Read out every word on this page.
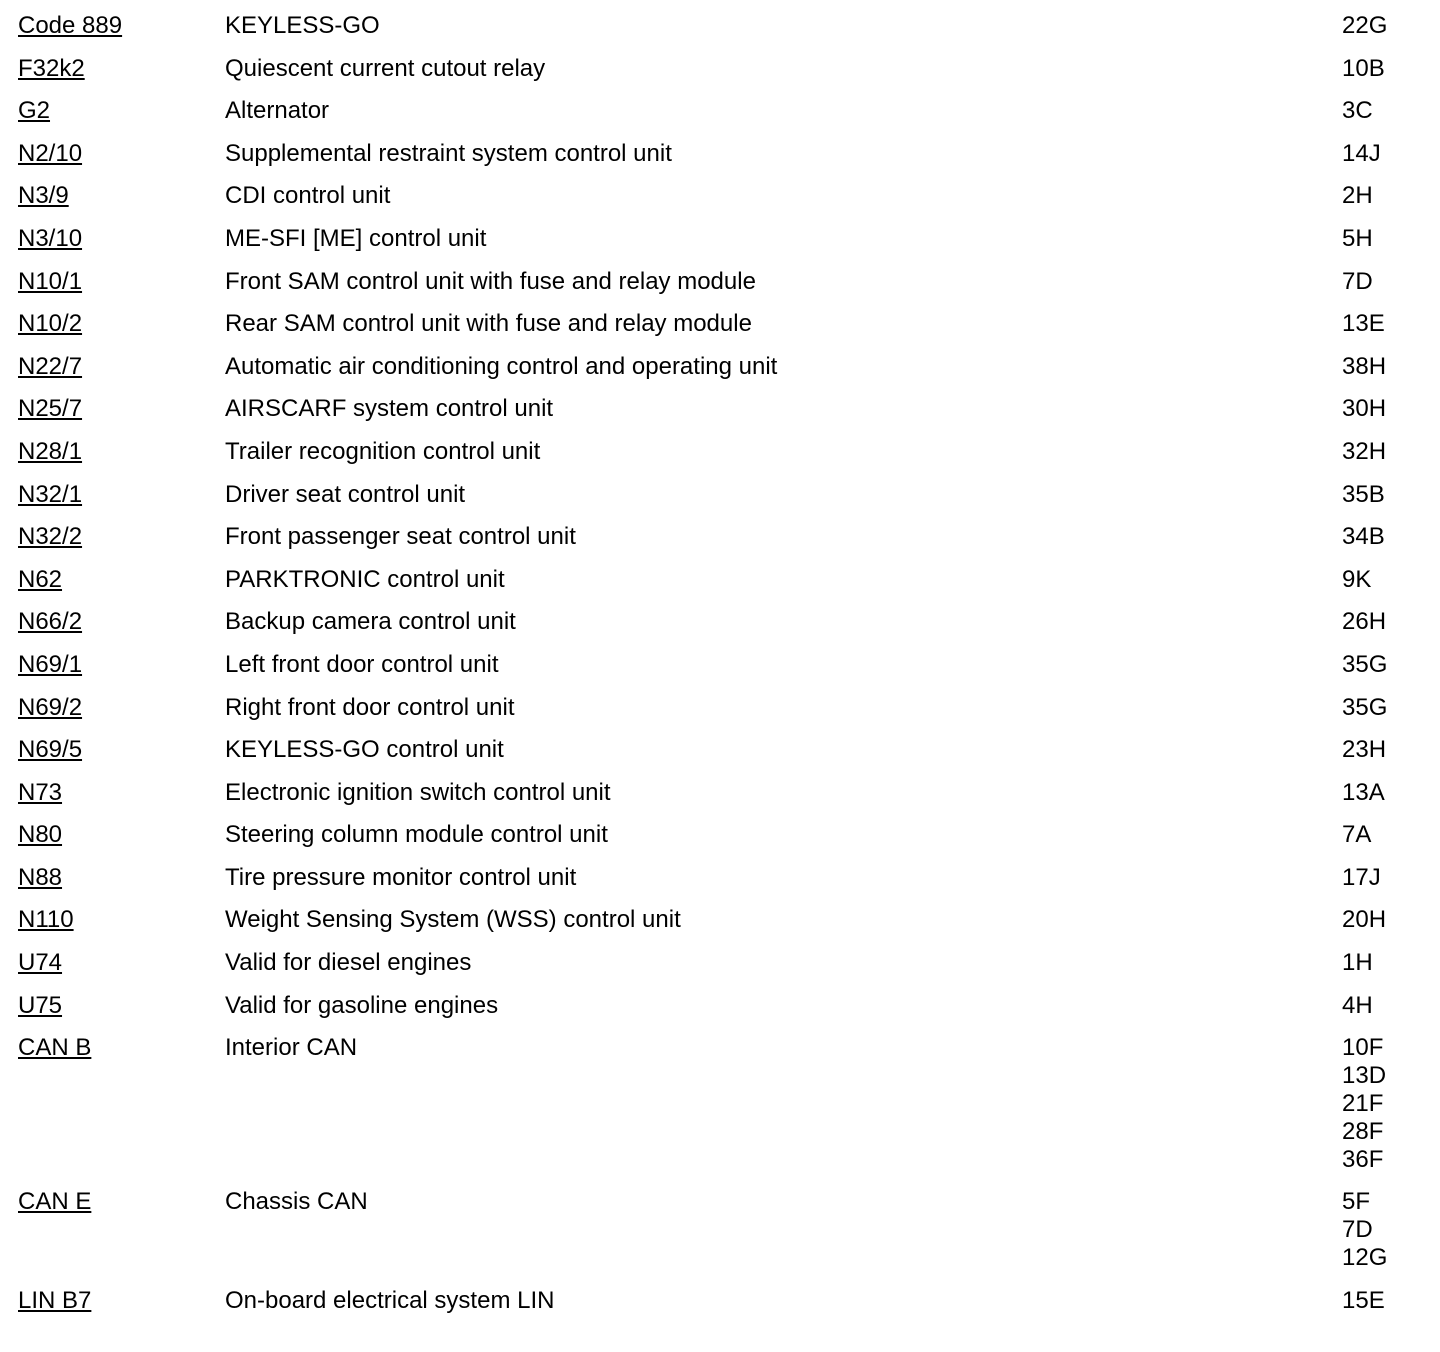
Code 889	KEYLESS-GO	22G
F32k2	Quiescent current cutout relay	10B
G2	Alternator	3C
N2/10	Supplemental restraint system control unit	14J
N3/9	CDI control unit	2H
N3/10	ME-SFI [ME] control unit	5H
N10/1	Front SAM control unit with fuse and relay module	7D
N10/2	Rear SAM control unit with fuse and relay module	13E
N22/7	Automatic air conditioning control and operating unit	38H
N25/7	AIRSCARF system control unit	30H
N28/1	Trailer recognition control unit	32H
N32/1	Driver seat control unit	35B
N32/2	Front passenger seat control unit	34B
N62	PARKTRONIC control unit	9K
N66/2	Backup camera control unit	26H
N69/1	Left front door control unit	35G
N69/2	Right front door control unit	35G
N69/5	KEYLESS-GO control unit	23H
N73	Electronic ignition switch control unit	13A
N80	Steering column module control unit	7A
N88	Tire pressure monitor control unit	17J
N110	Weight Sensing System (WSS) control unit	20H
U74	Valid for diesel engines	1H
U75	Valid for gasoline engines	4H
CAN B	Interior CAN	10F
13D
21F
28F
36F
CAN E	Chassis CAN	5F
7D
12G
LIN B7	On-board electrical system LIN	15E
